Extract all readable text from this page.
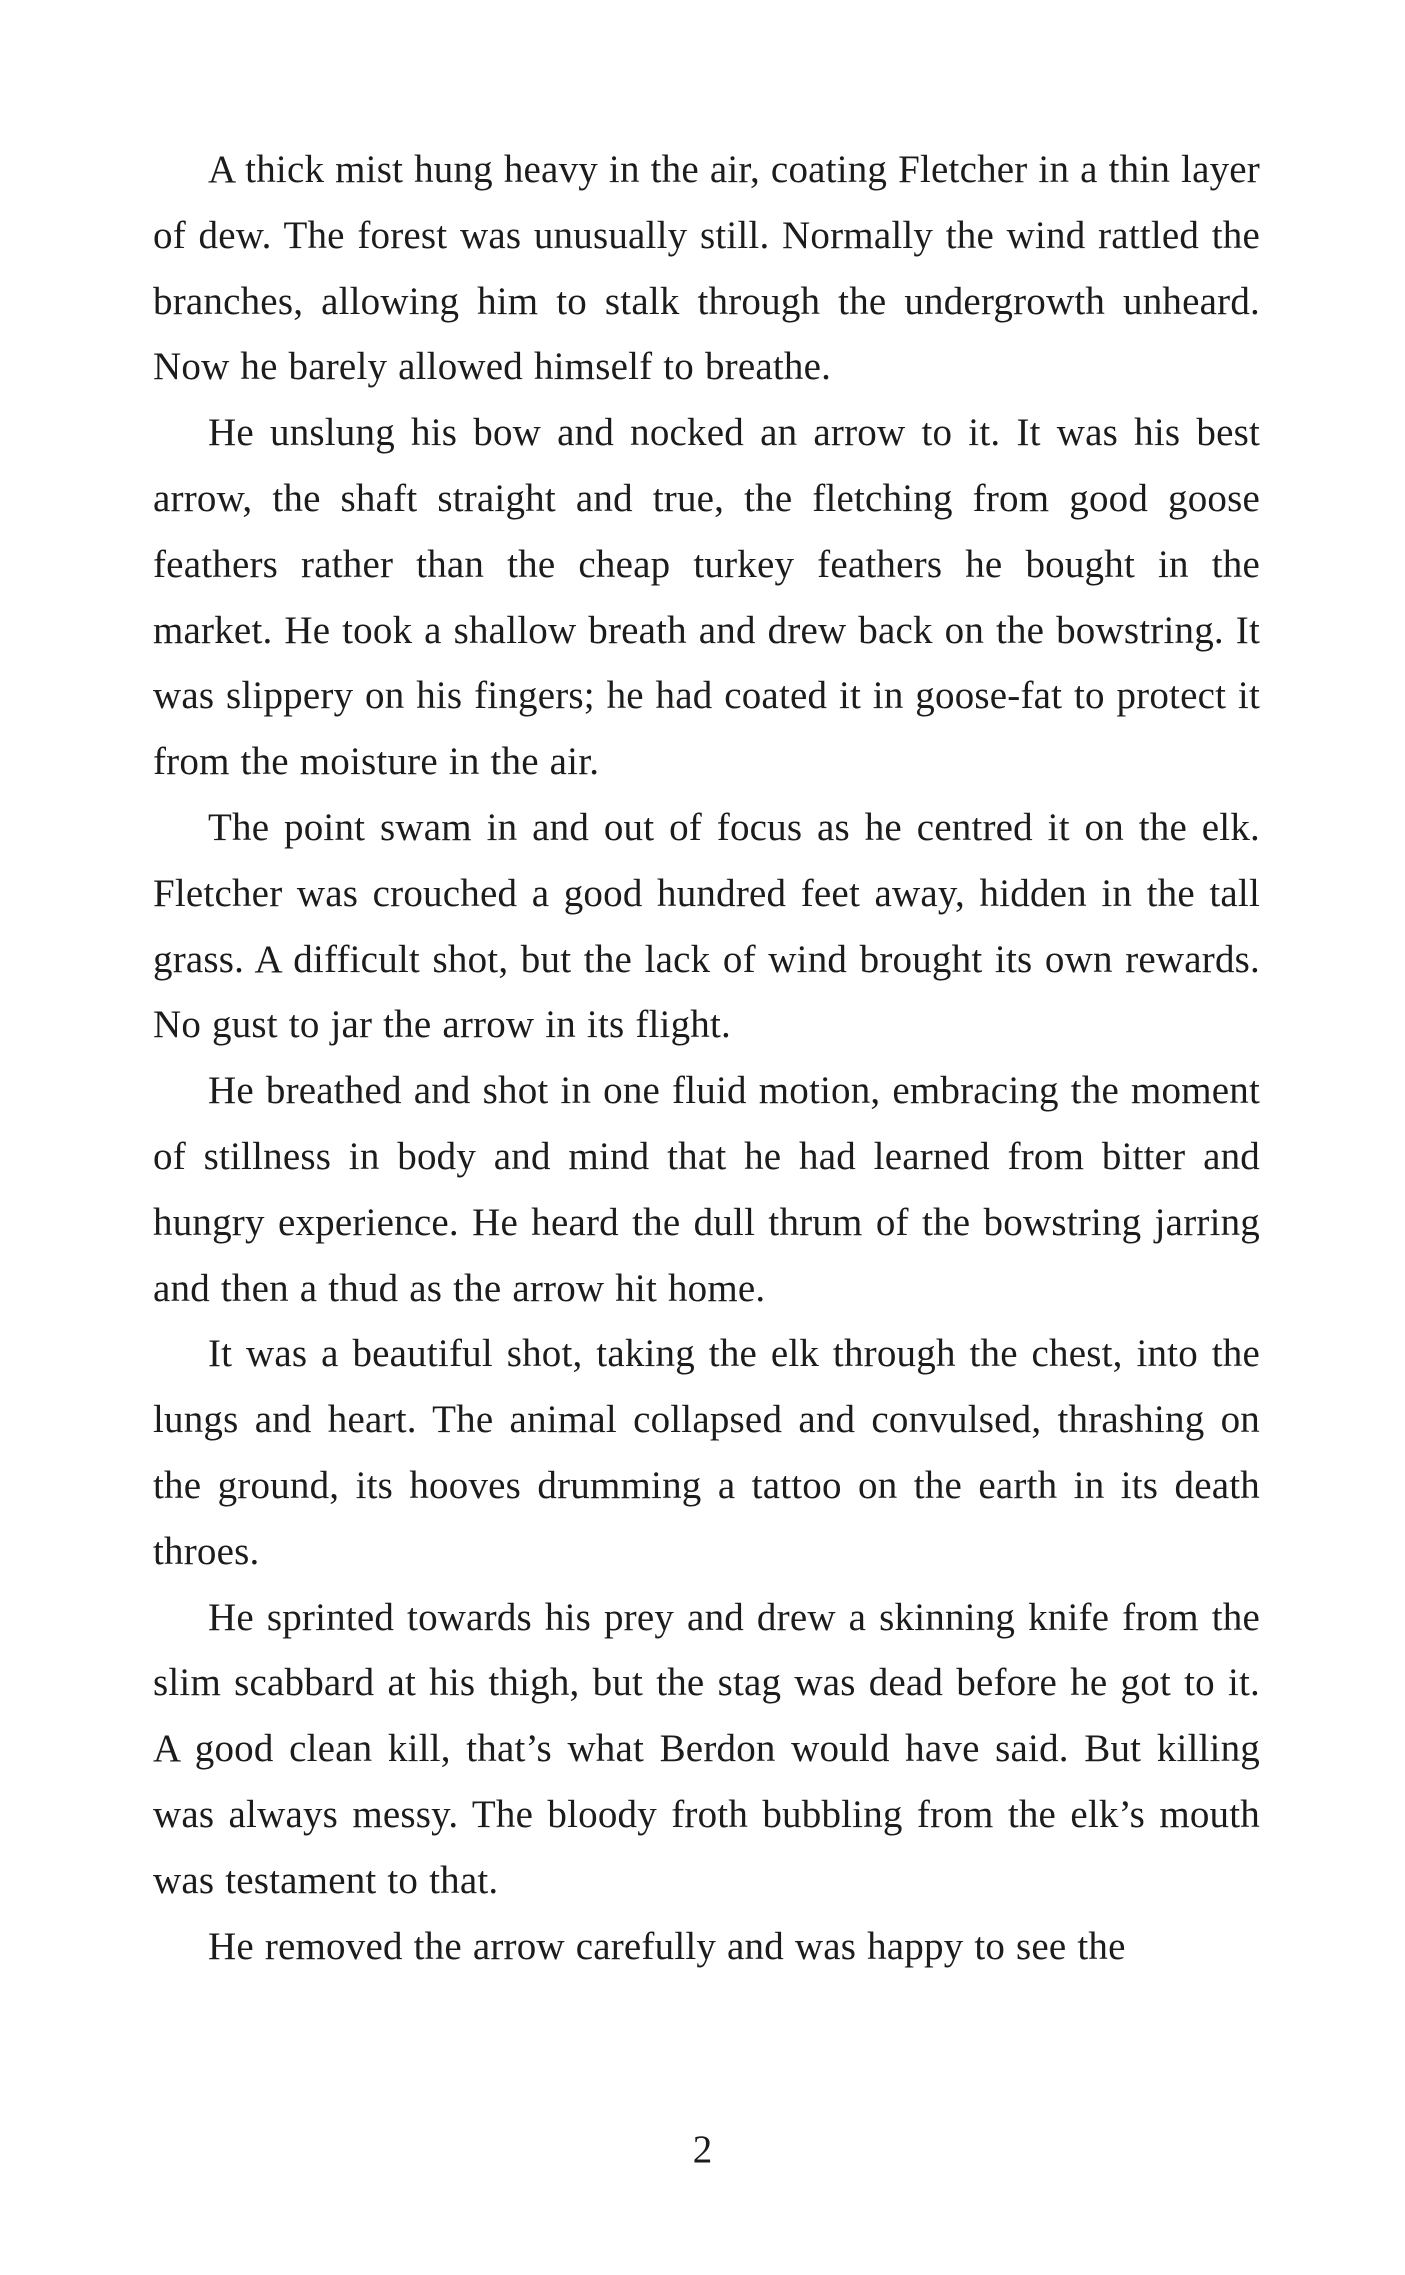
A thick mist hung heavy in the air, coating Fletcher in a thin layer of dew. The forest was unusually still. Normally the wind rattled the branches, allowing him to stalk through the undergrowth unheard. Now he barely allowed himself to breathe.

He unslung his bow and nocked an arrow to it. It was his best arrow, the shaft straight and true, the fletching from good goose feathers rather than the cheap turkey feathers he bought in the market. He took a shallow breath and drew back on the bowstring. It was slippery on his fingers; he had coated it in goose-fat to protect it from the moisture in the air.

The point swam in and out of focus as he centred it on the elk. Fletcher was crouched a good hundred feet away, hidden in the tall grass. A difficult shot, but the lack of wind brought its own rewards. No gust to jar the arrow in its flight.

He breathed and shot in one fluid motion, embracing the moment of stillness in body and mind that he had learned from bitter and hungry experience. He heard the dull thrum of the bowstring jarring and then a thud as the arrow hit home.

It was a beautiful shot, taking the elk through the chest, into the lungs and heart. The animal collapsed and convulsed, thrashing on the ground, its hooves drumming a tattoo on the earth in its death throes.

He sprinted towards his prey and drew a skinning knife from the slim scabbard at his thigh, but the stag was dead before he got to it. A good clean kill, that’s what Berdon would have said. But killing was always messy. The bloody froth bubbling from the elk’s mouth was testament to that.

He removed the arrow carefully and was happy to see the

2
